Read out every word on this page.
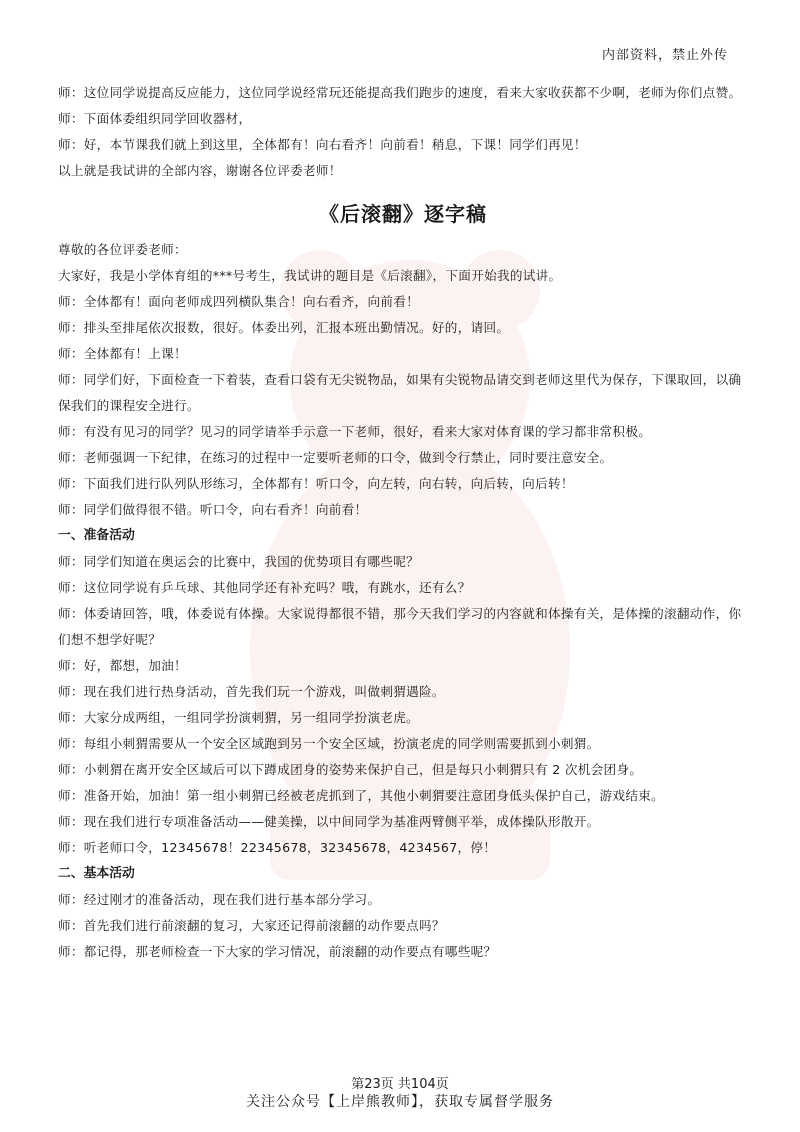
内部资料，禁止外传

师：这位同学说提高反应能力，这位同学说经常玩还能提高我们跑步的速度，看来大家收获都不少啊，老师为你们点赞。

师：下面体委组织同学回收器材，

师：好，本节课我们就上到这里，全体都有！向右看齐！向前看！稍息，下课！同学们再见！

以上就是我试讲的全部内容，谢谢各位评委老师！

《后滚翻》逐字稿

尊敬的各位评委老师：

大家好，我是小学体育组的***号考生，我试讲的题目是《后滚翻》，下面开始我的试讲。

师：全体都有！面向老师成四列横队集合！向右看齐，向前看！

师：排头至排尾依次报数，很好。体委出列，汇报本班出勤情况。好的，请回。

师：全体都有！上课！

师：同学们好，下面检查一下着装，查看口袋有无尖锐物品，如果有尖锐物品请交到老师这里代为保存，下课取回，以确保我们的课程安全进行。

师：有没有见习的同学？见习的同学请举手示意一下老师，很好，看来大家对体育课的学习都非常积极。

师：老师强调一下纪律，在练习的过程中一定要听老师的口令，做到令行禁止，同时要注意安全。

师：下面我们进行队列队形练习，全体都有！听口令，向左转，向右转，向后转，向后转！

师：同学们做得很不错。听口令，向右看齐！向前看！

一、准备活动

师：同学们知道在奥运会的比赛中，我国的优势项目有哪些呢？

师：这位同学说有乒乓球、其他同学还有补充吗？哦，有跳水，还有么？

师：体委请回答，哦，体委说有体操。大家说得都很不错，那今天我们学习的内容就和体操有关，是体操的滚翻动作，你们想不想学好呢？

师：好，都想，加油！

师：现在我们进行热身活动，首先我们玩一个游戏，叫做刺猬遇险。

师：大家分成两组，一组同学扮演刺猬，另一组同学扮演老虎。

师：每组小刺猬需要从一个安全区域跑到另一个安全区域，扮演老虎的同学则需要抓到小刺猬。

师：小刺猬在离开安全区域后可以下蹲成团身的姿势来保护自己，但是每只小刺猬只有 2 次机会团身。

师：准备开始，加油！第一组小刺猬已经被老虎抓到了，其他小刺猬要注意团身低头保护自己，游戏结束。

师：现在我们进行专项准备活动——健美操，以中间同学为基准两臂侧平举，成体操队形散开。

师：听老师口令，12345678！22345678，32345678，4234567，停！

二、基本活动

师：经过刚才的准备活动，现在我们进行基本部分学习。

师：首先我们进行前滚翻的复习，大家还记得前滚翻的动作要点吗？

师：都记得，那老师检查一下大家的学习情况，前滚翻的动作要点有哪些呢？

第23页 共104页
关注公众号【上岸熊教师】，获取专属督学服务
